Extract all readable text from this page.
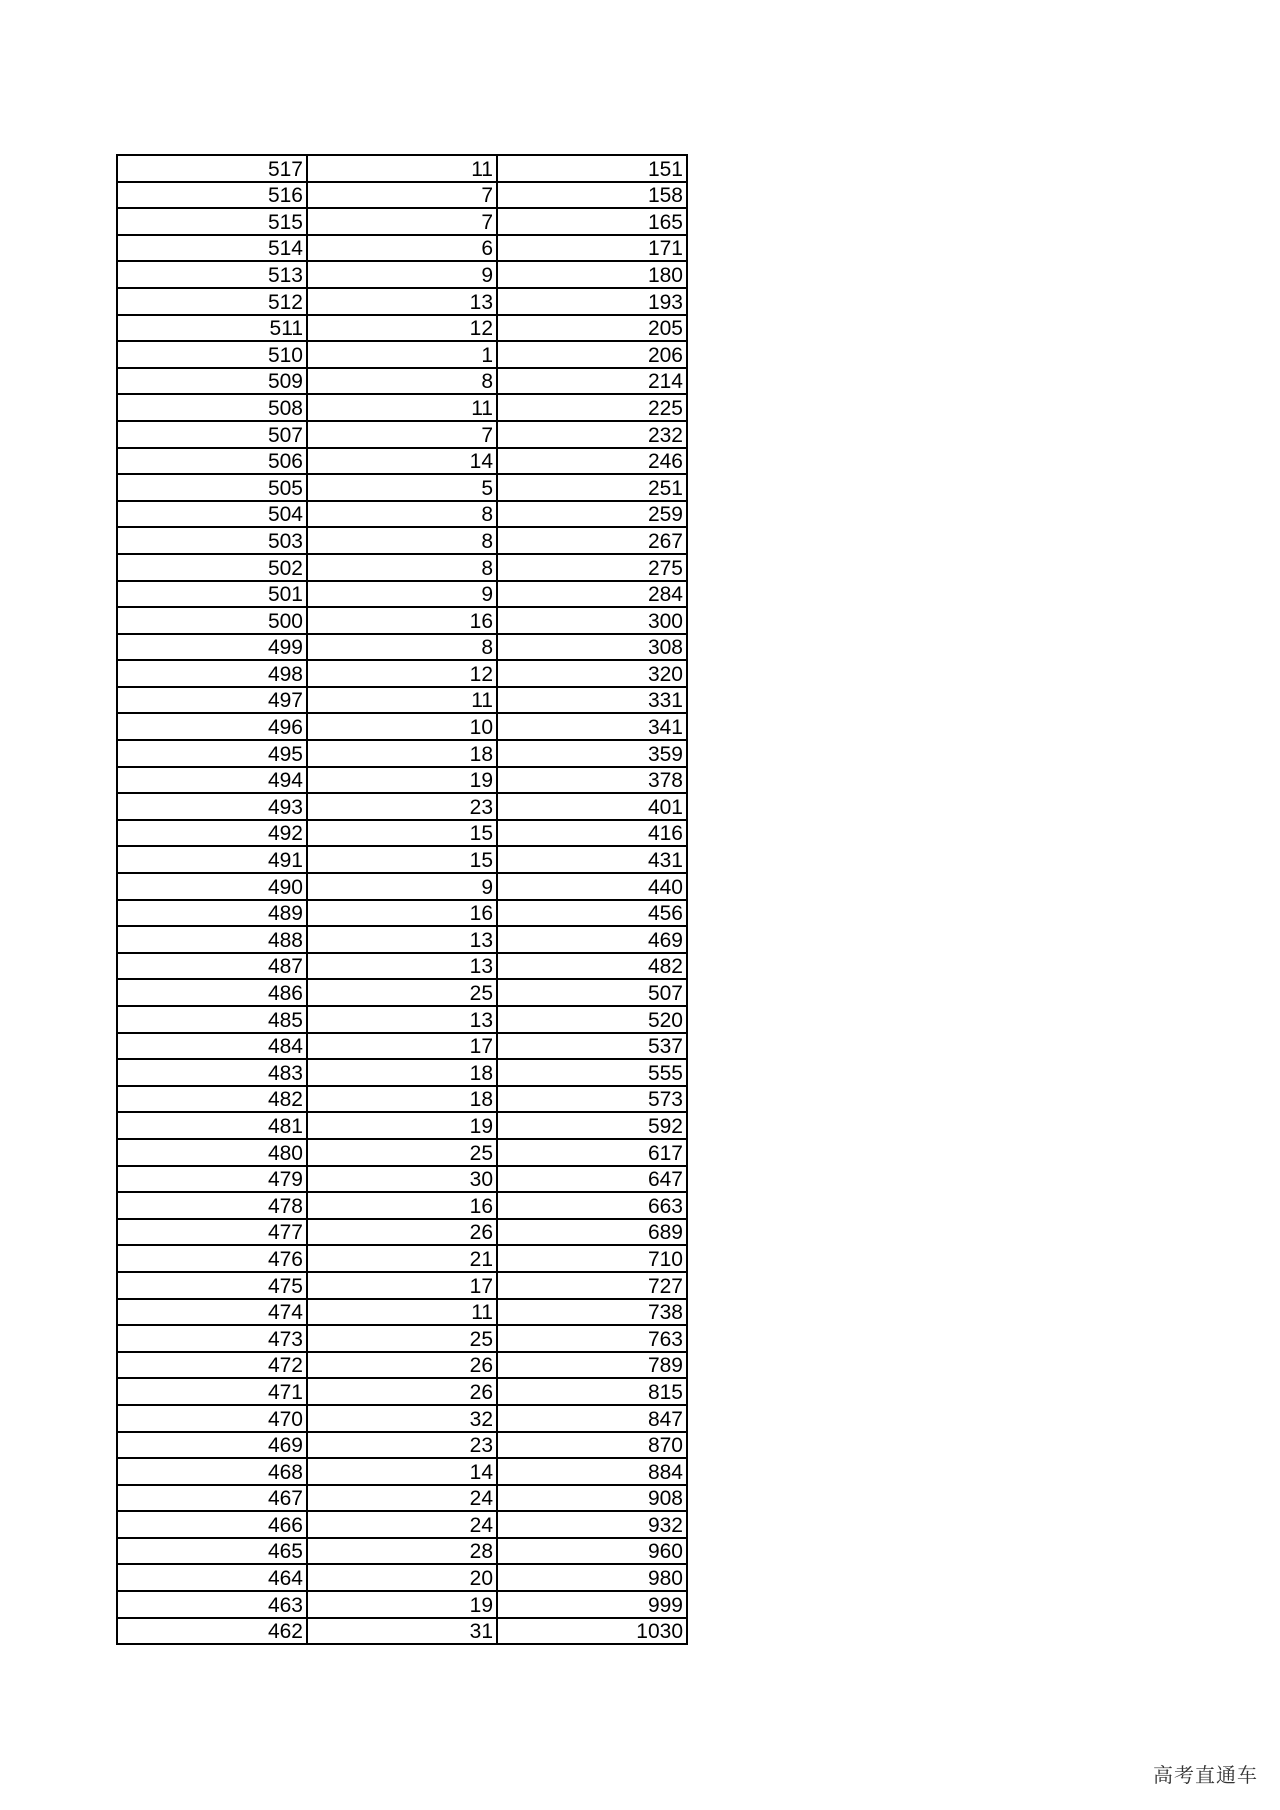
517	11	151
516	7	158
515	7	165
514	6	171
513	9	180
512	13	193
511	12	205
510	1	206
509	8	214
508	11	225
507	7	232
506	14	246
505	5	251
504	8	259
503	8	267
502	8	275
501	9	284
500	16	300
499	8	308
498	12	320
497	11	331
496	10	341
495	18	359
494	19	378
493	23	401
492	15	416
491	15	431
490	9	440
489	16	456
488	13	469
487	13	482
486	25	507
485	13	520
484	17	537
483	18	555
482	18	573
481	19	592
480	25	617
479	30	647
478	16	663
477	26	689
476	21	710
475	17	727
474	11	738
473	25	763
472	26	789
471	26	815
470	32	847
469	23	870
468	14	884
467	24	908
466	24	932
465	28	960
464	20	980
463	19	999
462	31	1030
高考直通车
